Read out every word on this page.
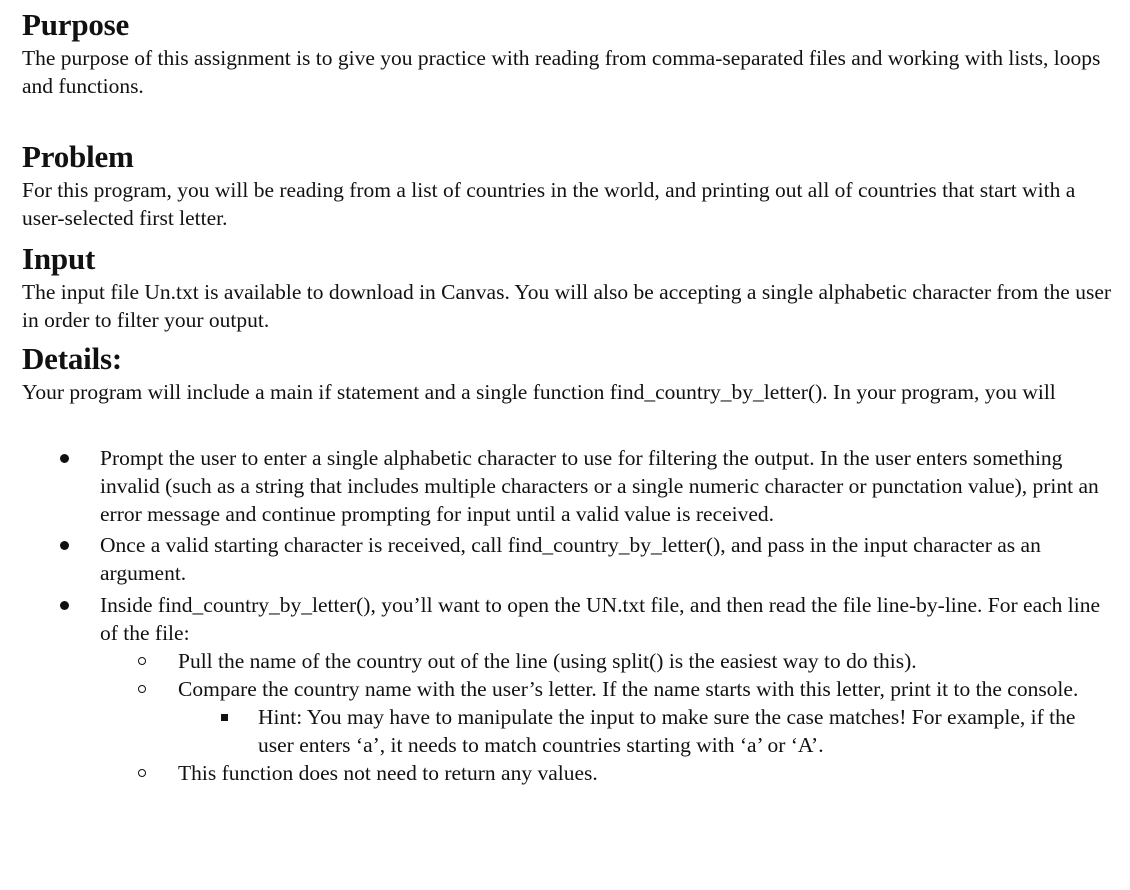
Purpose

The purpose of this assignment is to give you practice with reading from comma-separated files and working with lists, loops and functions.

Problem

For this program, you will be reading from a list of countries in the world, and printing out all of countries that start with a user-selected first letter.

Input

The input file Un.txt is available to download in Canvas. You will also be accepting a single alphabetic character from the user in order to filter your output.

Details:

Your program will include a main if statement and a single function find_country_by_letter(). In your program, you will

Prompt the user to enter a single alphabetic character to use for filtering the output. In the user enters something invalid (such as a string that includes multiple characters or a single numeric character or punctation value), print an error message and continue prompting for input until a valid value is received.
Once a valid starting character is received, call find_country_by_letter(), and pass in the input character as an argument.
Inside find_country_by_letter(), you’ll want to open the UN.txt file, and then read the file line-by-line. For each line of the file:
Pull the name of the country out of the line (using split() is the easiest way to do this).
Compare the country name with the user’s letter. If the name starts with this letter, print it to the console.
Hint: You may have to manipulate the input to make sure the case matches! For example, if the user enters ‘a’, it needs to match countries starting with ‘a’ or ‘A’.
This function does not need to return any values.
